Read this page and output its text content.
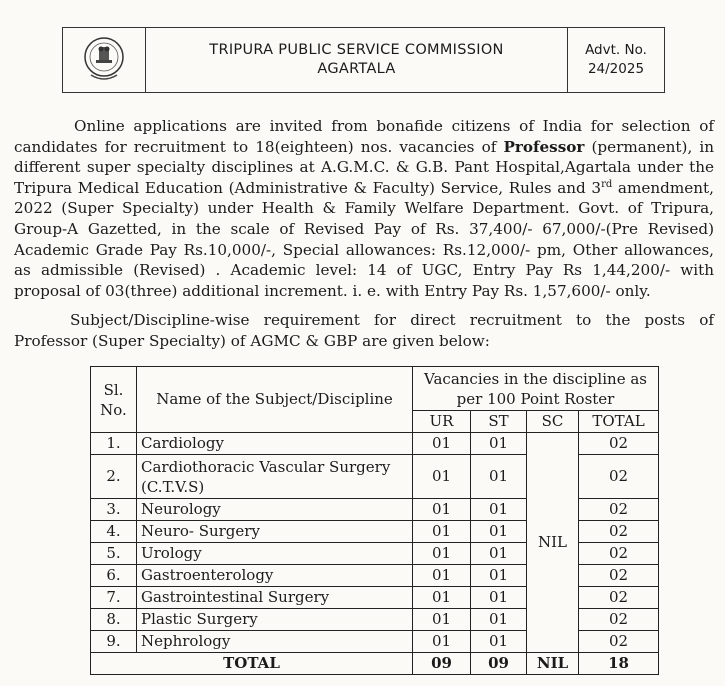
TRIPURA PUBLIC SERVICE COMMISSION
AGARTALA
Advt. No.
24/2025
Online applications are invited from bonafide citizens of India for selection of candidates for recruitment to 18(eighteen) nos. vacancies of Professor (permanent), in different super specialty disciplines at A.G.M.C. & G.B. Pant Hospital,Agartala under the Tripura Medical Education (Administrative & Faculty) Service, Rules and 3rd amendment, 2022 (Super Specialty) under Health & Family Welfare Department. Govt. of Tripura, Group-A Gazetted, in the scale of Revised Pay of Rs. 37,400/- 67,000/-(Pre Revised) Academic Grade Pay Rs.10,000/-, Special allowances: Rs.12,000/- pm, Other allowances, as admissible (Revised) . Academic level: 14 of UGC, Entry Pay Rs 1,44,200/- with proposal of 03(three) additional increment. i. e. with Entry Pay Rs. 1,57,600/- only.
Subject/Discipline-wise requirement for direct recruitment to the posts of Professor (Super Specialty) of AGMC & GBP are given below:
Sl. No.	Name of the Subject/Discipline	Vacancies in the discipline as per 100 Point Roster			
		UR	ST	SC	TOTAL
1.	Cardiology	01	01	NIL	02
2.	Cardiothoracic Vascular Surgery (C.T.V.S)	01	01		02
3.	Neurology	01	01		02
4.	Neuro- Surgery	01	01		02
5.	Urology	01	01		02
6.	Gastroenterology	01	01		02
7.	Gastrointestinal Surgery	01	01		02
8.	Plastic Surgery	01	01		02
9.	Nephrology	01	01		02
TOTAL		09	09	NIL	18
